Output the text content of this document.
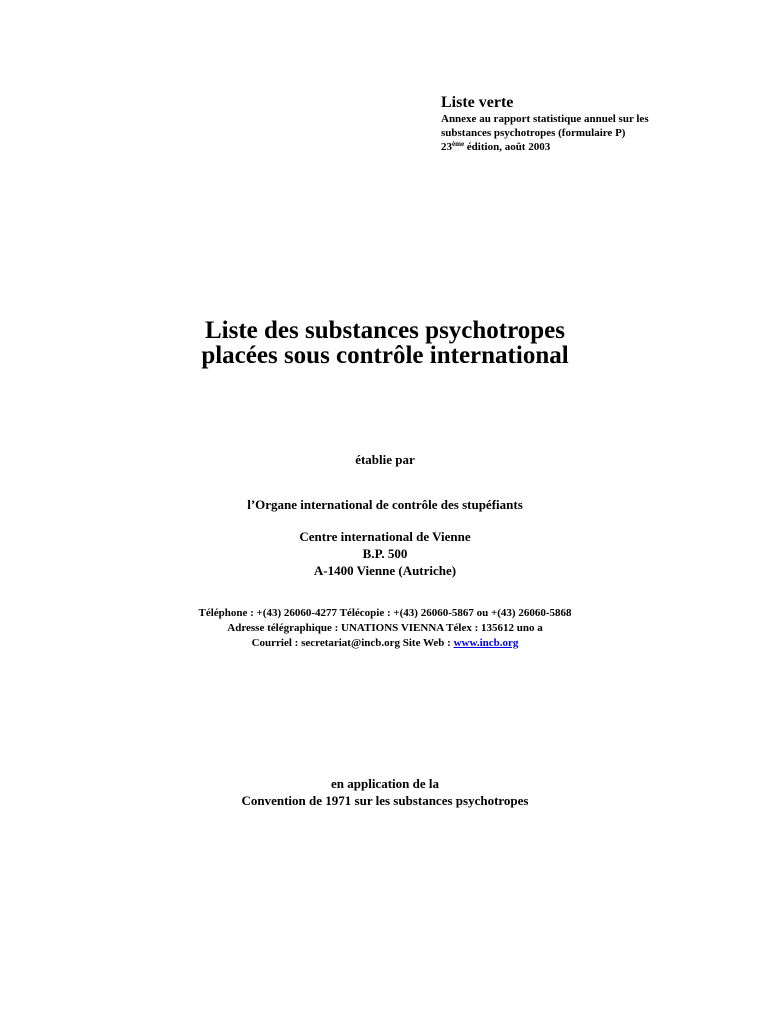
Liste verte
Annexe au rapport statistique annuel sur les
substances psychotropes (formulaire P)
23ème édition, août 2003
Liste des substances psychotropes
placées sous contrôle international
établie par
l’Organe international de contrôle des stupéfiants
Centre international de Vienne
B.P. 500
A-1400 Vienne (Autriche)
Téléphone : +(43) 26060-4277 Télécopie : +(43) 26060-5867 ou +(43) 26060-5868
Adresse télégraphique : UNATIONS VIENNA Télex : 135612 uno a
Courriel : secretariat@incb.org Site Web : www.incb.org
en application de la
Convention de 1971 sur les substances psychotropes
